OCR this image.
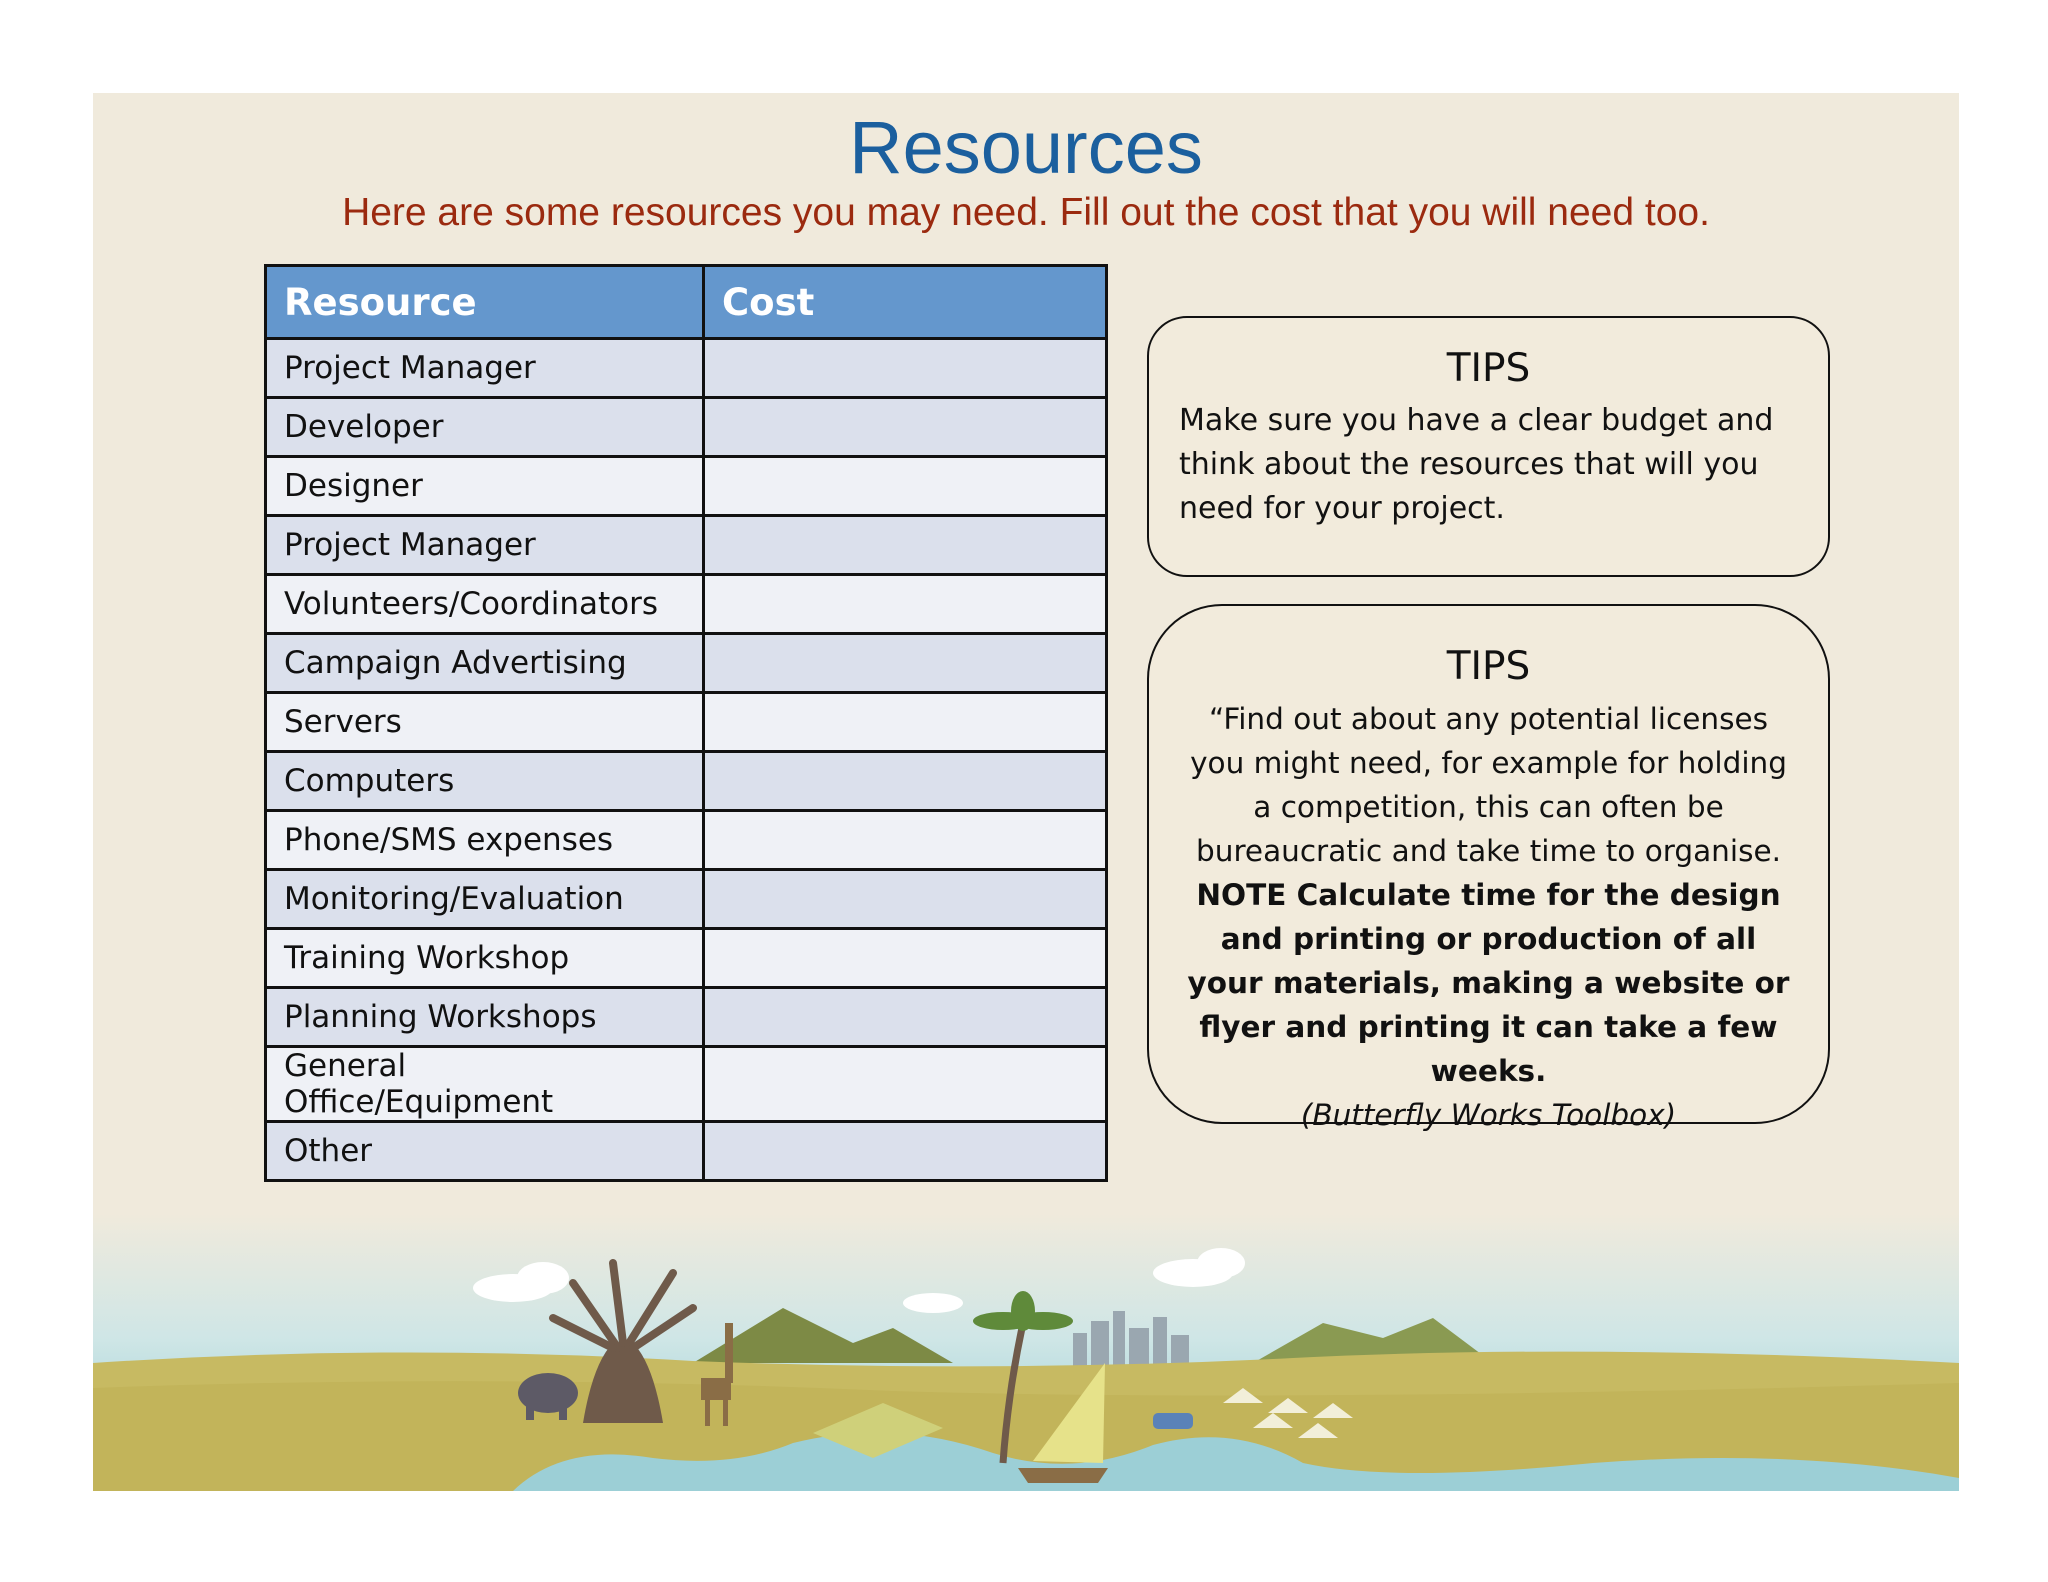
Resources
Here are some resources you may need. Fill out the cost that you will need too.
Resource	Cost
Project Manager	
Developer	
Designer	
Project Manager	
Volunteers/Coordinators	
Campaign Advertising	
Servers	
Computers	
Phone/SMS expenses	
Monitoring/Evaluation	
Training Workshop	
Planning Workshops	
General Office/Equipment	
Other	
TIPS
Make sure you have a clear budget and think about the resources that will you need for your project.
TIPS
“Find out about any potential licenses you might need, for example for holding a competition, this can often be bureaucratic and take time to organise.
NOTE Calculate time for the design and printing or production of all your materials, making a website or flyer and printing it can take a few weeks.
(Butterfly Works Toolbox)
